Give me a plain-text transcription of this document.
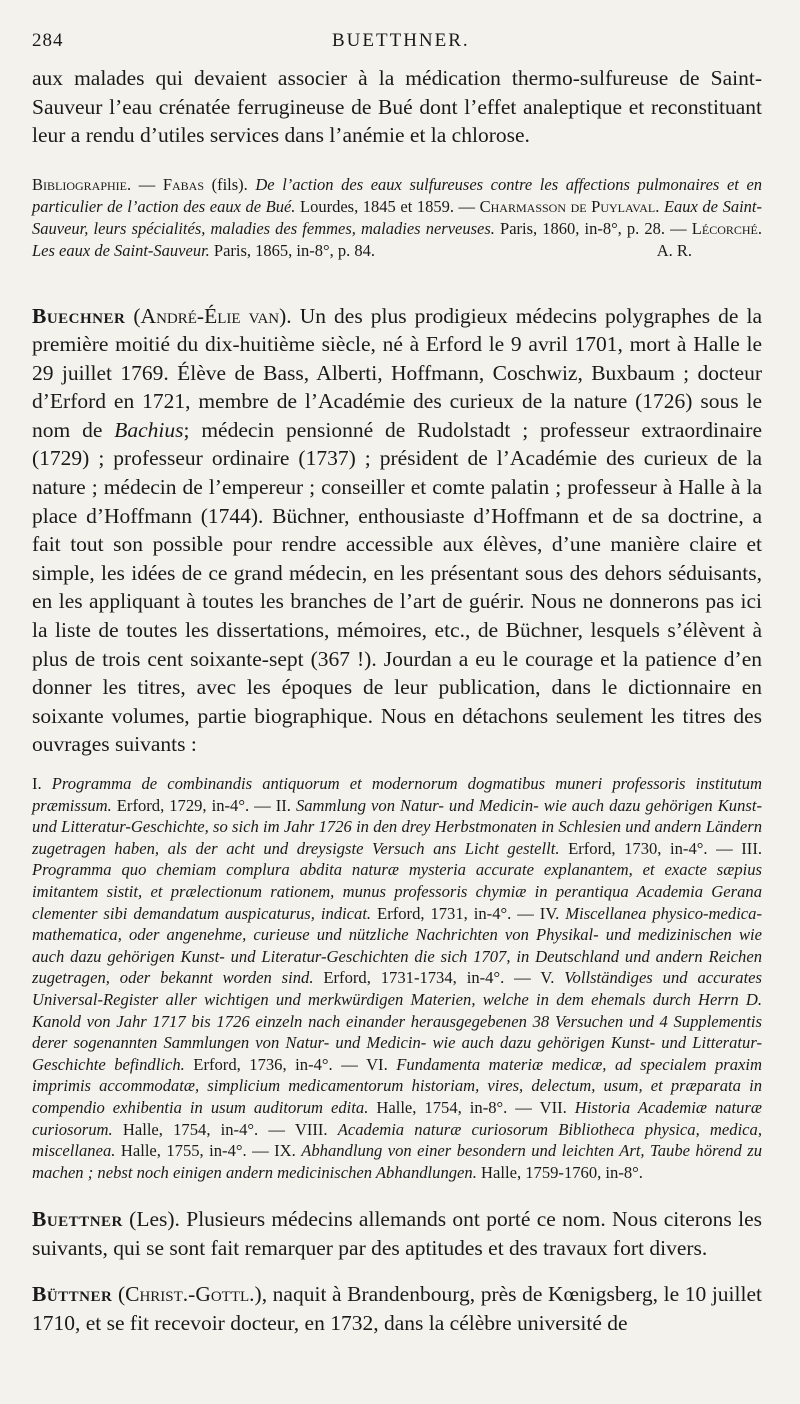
284	BUETTHNER.

aux malades qui devaient associer à la médication thermo-sulfureuse de Saint-Sauveur l’eau crénatée ferrugineuse de Bué dont l’effet analeptique et reconstituant leur a rendu d’utiles services dans l’anémie et la chlorose.

Bibliographie. — Fabas (fils). De l’action des eaux sulfureuses contre les affections pulmonaires et en particulier de l’action des eaux de Bué. Lourdes, 1845 et 1859. — Charmasson de Puylaval. Eaux de Saint-Sauveur, leurs spécialités, maladies des femmes, maladies nerveuses. Paris, 1860, in-8°, p. 28. — Lécorché. Les eaux de Saint-Sauveur. Paris, 1865, in-8°, p. 84.	A. R.

Buechner (André-Élie van). Un des plus prodigieux médecins polygraphes de la première moitié du dix-huitième siècle, né à Erford le 9 avril 1701, mort à Halle le 29 juillet 1769. Élève de Bass, Alberti, Hoffmann, Coschwiz, Buxbaum ; docteur d’Erford en 1721, membre de l’Académie des curieux de la nature (1726) sous le nom de Bachius; médecin pensionné de Rudolstadt ; professeur extraordinaire (1729) ; professeur ordinaire (1737) ; président de l’Académie des curieux de la nature ; médecin de l’empereur ; conseiller et comte palatin ; professeur à Halle à la place d’Hoffmann (1744). Büchner, enthousiaste d’Hoffmann et de sa doctrine, a fait tout son possible pour rendre accessible aux élèves, d’une manière claire et simple, les idées de ce grand médecin, en les présentant sous des dehors séduisants, en les appliquant à toutes les branches de l’art de guérir. Nous ne donnerons pas ici la liste de toutes les dissertations, mémoires, etc., de Büchner, lesquels s’élèvent à plus de trois cent soixante-sept (367 !). Jourdan a eu le courage et la patience d’en donner les titres, avec les époques de leur publication, dans le dictionnaire en soixante volumes, partie biographique. Nous en détachons seulement les titres des ouvrages suivants :

I. Programma de combinandis antiquorum et modernorum dogmatibus muneri professoris institutum præmissum. Erford, 1729, in-4°. — II. Sammlung von Natur- und Medicin- wie auch dazu gehörigen Kunst- und Litteratur-Geschichte, so sich im Jahr 1726 in den drey Herbstmonaten in Schlesien und andern Ländern zugetragen haben, als der acht und dreysigste Versuch ans Licht gestellt. Erford, 1730, in-4°. — III. Programma quo chemiam complura abdita naturæ mysteria accurate explanantem, et exacte sæpius imitantem sistit, et prælectionum rationem, munus professoris chymiæ in perantiqua Academia Gerana clementer sibi demandatum auspicaturus, indicat. Erford, 1731, in-4°. — IV. Miscellanea physico-medica-mathematica, oder angenehme, curieuse und nützliche Nachrichten von Physikal- und medizinischen wie auch dazu gehörigen Kunst- und Literatur-Geschichten die sich 1707, in Deutschland und andern Reichen zugetragen, oder bekannt worden sind. Erford, 1731-1734, in-4°. — V. Vollständiges und accurates Universal-Register aller wichtigen und merkwürdigen Materien, welche in dem ehemals durch Herrn D. Kanold von Jahr 1717 bis 1726 einzeln nach einander herausgegebenen 38 Versuchen und 4 Supplementis derer sogenannten Sammlungen von Natur- und Medicin- wie auch dazu gehörigen Kunst- und Litteratur-Geschichte befindlich. Erford, 1736, in-4°. — VI. Fundamenta materiæ medicæ, ad specialem praxim imprimis accommodatæ, simplicium medicamentorum historiam, vires, delectum, usum, et præparata in compendio exhibentia in usum auditorum edita. Halle, 1754, in-8°. — VII. Historia Academiæ naturæ curiosorum. Halle, 1754, in-4°. — VIII. Academia naturæ curiosorum Bibliotheca physica, medica, miscellanea. Halle, 1755, in-4°. — IX. Abhandlung von einer besondern und leichten Art, Taube hörend zu machen ; nebst noch einigen andern medicinischen Abhandlungen. Halle, 1759-1760, in-8°.

Buettner (Les). Plusieurs médecins allemands ont porté ce nom. Nous citerons les suivants, qui se sont fait remarquer par des aptitudes et des travaux fort divers.

Büttner (Christ.-Gottl.), naquit à Brandenbourg, près de Kœnigsberg, le 10 juillet 1710, et se fit recevoir docteur, en 1732, dans la célèbre université de
